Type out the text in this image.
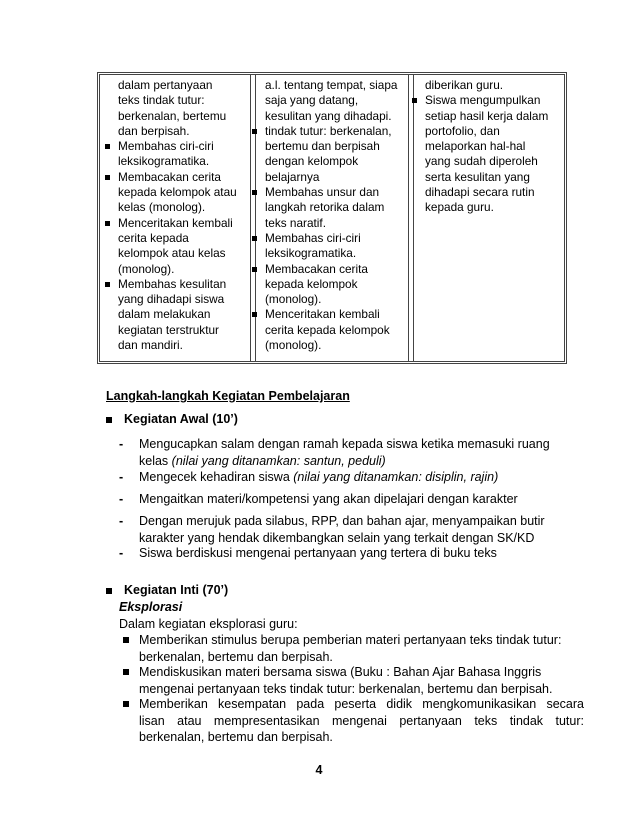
dalam pertanyaan
teks tindak tutur:
berkenalan, bertemu
dan berpisah.
Membahas ciri-ciri
leksikogramatika.
Membacakan cerita
kepada kelompok atau
kelas (monolog).
Menceritakan kembali
cerita kepada
kelompok atau kelas
(monolog).
Membahas kesulitan
yang dihadapi siswa
dalam melakukan
kegiatan terstruktur
dan mandiri.
a.l. tentang tempat, siapa
saja yang datang,
kesulitan yang dihadapi.
tindak tutur: berkenalan,
bertemu dan berpisah
dengan kelompok
belajarnya
Membahas unsur dan
langkah retorika dalam
teks naratif.
Membahas ciri-ciri
leksikogramatika.
Membacakan cerita
kepada kelompok
(monolog).
Menceritakan kembali
cerita kepada kelompok
(monolog).
diberikan guru.
Siswa mengumpulkan
setiap hasil kerja dalam
portofolio, dan
melaporkan hal-hal
yang sudah diperoleh
serta kesulitan yang
dihadapi secara rutin
kepada guru.
Langkah-langkah Kegiatan Pembelajaran
Kegiatan Awal (10’)
- Mengucapkan salam dengan ramah kepada siswa ketika memasuki ruang
kelas (nilai yang ditanamkan: santun, peduli)
- Mengecek kehadiran siswa (nilai yang ditanamkan: disiplin, rajin)
- Mengaitkan materi/kompetensi yang akan dipelajari dengan karakter
- Dengan merujuk pada silabus, RPP, dan bahan ajar, menyampaikan butir
karakter yang hendak dikembangkan selain yang terkait dengan SK/KD
- Siswa berdiskusi mengenai pertanyaan yang tertera di buku teks
Kegiatan Inti (70’)
Eksplorasi
Dalam kegiatan eksplorasi guru:
Memberikan stimulus berupa pemberian materi pertanyaan teks tindak tutur:
berkenalan, bertemu dan berpisah.
Mendiskusikan materi bersama siswa (Buku : Bahan Ajar Bahasa Inggris
mengenai pertanyaan teks tindak tutur: berkenalan, bertemu dan berpisah.
Memberikan kesempatan pada peserta didik mengkomunikasikan secara
lisan atau mempresentasikan mengenai pertanyaan teks tindak tutur:
berkenalan, bertemu dan berpisah.
4
